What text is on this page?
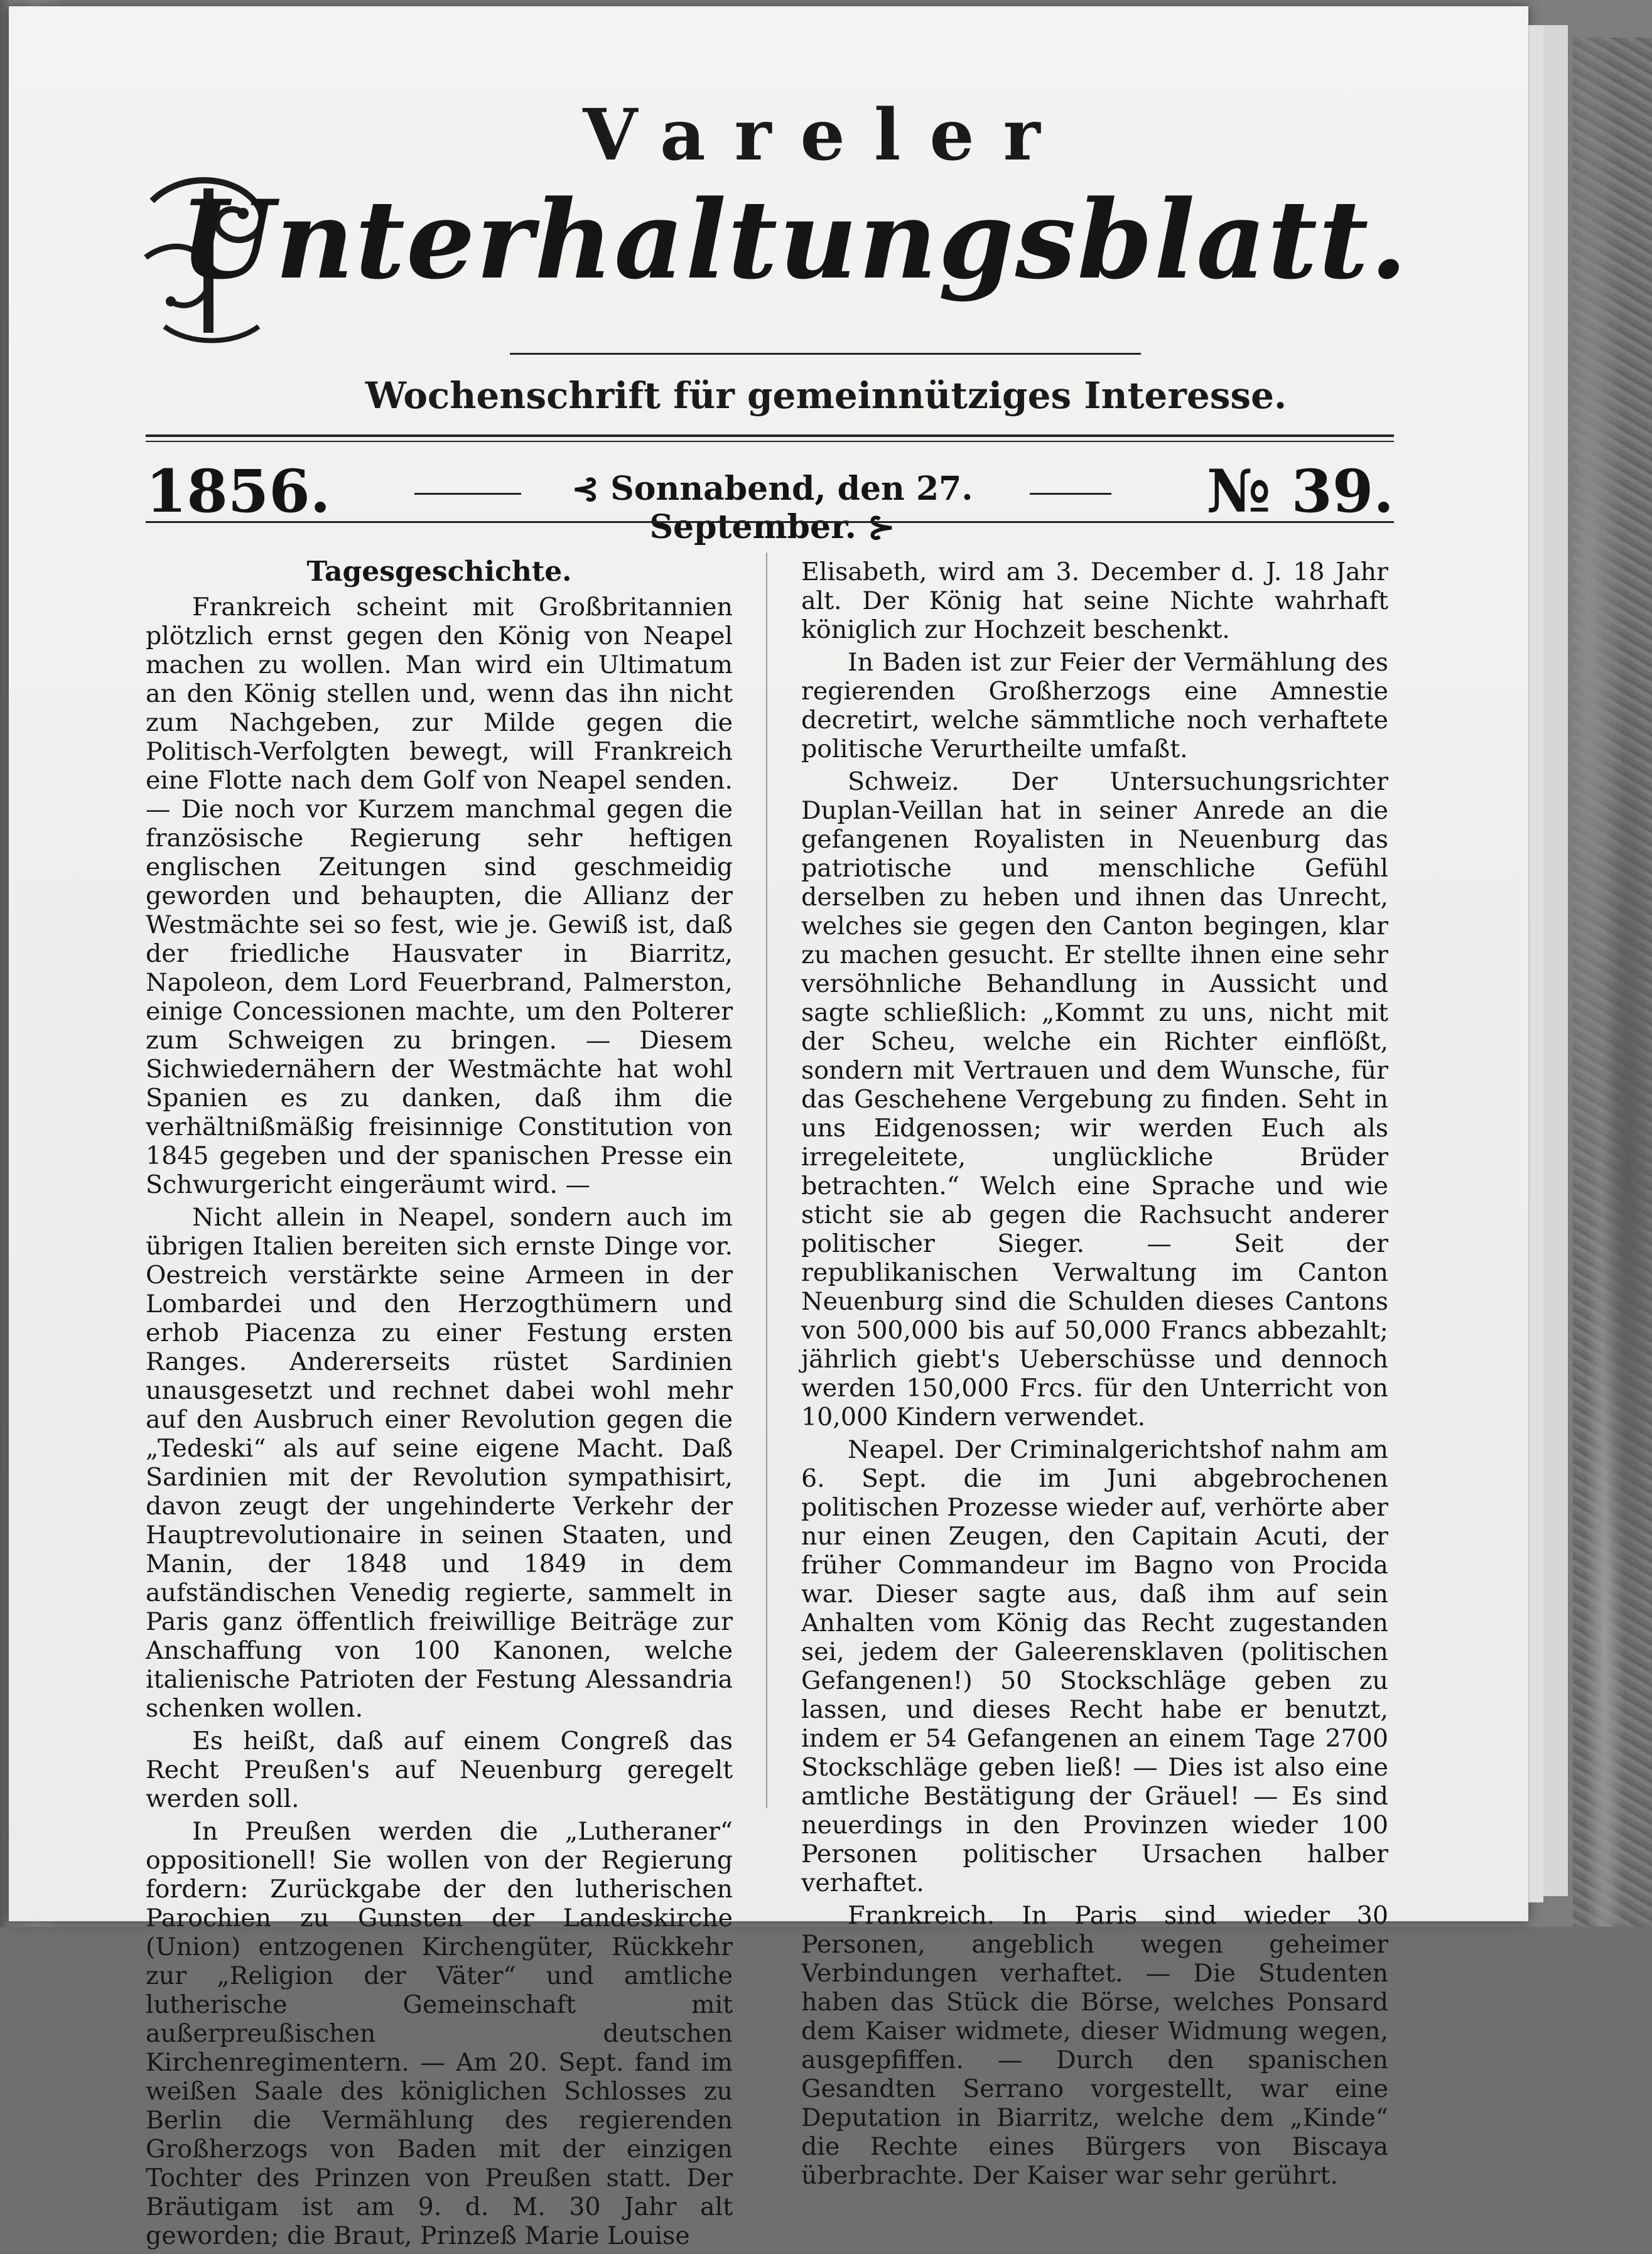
Vareler
Unterhaltungsblatt.
Wochenschrift für gemeinnütziges Interesse.
1856.	⊰ Sonnabend, den 27. September. ⊱
№ 39.
Tagesgeschichte.

Frankreich scheint mit Großbritannien plötzlich ernst gegen den König von Neapel machen zu wollen. Man wird ein Ultimatum an den König stellen und, wenn das ihn nicht zum Nachgeben, zur Milde gegen die Politisch-Verfolgten bewegt, will Frankreich eine Flotte nach dem Golf von Neapel senden. — Die noch vor Kurzem manchmal gegen die französische Regierung sehr heftigen englischen Zeitungen sind geschmeidig geworden und behaupten, die Allianz der Westmächte sei so fest, wie je. Gewiß ist, daß der friedliche Hausvater in Biarritz, Napoleon, dem Lord Feuerbrand, Palmerston, einige Concessionen machte, um den Polterer zum Schweigen zu bringen. — Diesem Sichwiedernähern der Westmächte hat wohl Spanien es zu danken, daß ihm die verhältnißmäßig freisinnige Constitution von 1845 gegeben und der spanischen Presse ein Schwurgericht eingeräumt wird. —

Nicht allein in Neapel, sondern auch im übrigen Italien bereiten sich ernste Dinge vor. Oestreich verstärkte seine Armeen in der Lombardei und den Herzogthümern und erhob Piacenza zu einer Festung ersten Ranges. Andererseits rüstet Sardinien unausgesetzt und rechnet dabei wohl mehr auf den Ausbruch einer Revolution gegen die „Tedeski“ als auf seine eigene Macht. Daß Sardinien mit der Revolution sympathisirt, davon zeugt der ungehinderte Verkehr der Hauptrevolutionaire in seinen Staaten, und Manin, der 1848 und 1849 in dem aufständischen Venedig regierte, sammelt in Paris ganz öffentlich freiwillige Beiträge zur Anschaffung von 100 Kanonen, welche italienische Patrioten der Festung Alessandria schenken wollen.

Es heißt, daß auf einem Congreß das Recht Preußen's auf Neuenburg geregelt werden soll.

In Preußen werden die „Lutheraner“ oppositionell! Sie wollen von der Regierung fordern: Zurückgabe der den lutherischen Parochien zu Gunsten der Landeskirche (Union) entzogenen Kirchengüter, Rückkehr zur „Religion der Väter“ und amtliche lutherische Gemeinschaft mit außerpreußischen deutschen Kirchenregimentern. — Am 20. Sept. fand im weißen Saale des königlichen Schlosses zu Berlin die Vermählung des regierenden Großherzogs von Baden mit der einzigen Tochter des Prinzen von Preußen statt. Der Bräutigam ist am 9. d. M. 30 Jahr alt geworden; die Braut, Prinzeß Marie Louise

Elisabeth, wird am 3. December d. J. 18 Jahr alt. Der König hat seine Nichte wahrhaft königlich zur Hochzeit beschenkt.

In Baden ist zur Feier der Vermählung des regierenden Großherzogs eine Amnestie decretirt, welche sämmtliche noch verhaftete politische Verurtheilte umfaßt.

Schweiz. Der Untersuchungsrichter Duplan-Veillan hat in seiner Anrede an die gefangenen Royalisten in Neuenburg das patriotische und menschliche Gefühl derselben zu heben und ihnen das Unrecht, welches sie gegen den Canton begingen, klar zu machen gesucht. Er stellte ihnen eine sehr versöhnliche Behandlung in Aussicht und sagte schließlich: „Kommt zu uns, nicht mit der Scheu, welche ein Richter einflößt, sondern mit Vertrauen und dem Wunsche, für das Geschehene Vergebung zu finden. Seht in uns Eidgenossen; wir werden Euch als irregeleitete, unglückliche Brüder betrachten.“ Welch eine Sprache und wie sticht sie ab gegen die Rachsucht anderer politischer Sieger. — Seit der republikanischen Verwaltung im Canton Neuenburg sind die Schulden dieses Cantons von 500,000 bis auf 50,000 Francs abbezahlt; jährlich giebt's Ueberschüsse und dennoch werden 150,000 Frcs. für den Unterricht von 10,000 Kindern verwendet.

Neapel. Der Criminalgerichtshof nahm am 6. Sept. die im Juni abgebrochenen politischen Prozesse wieder auf, verhörte aber nur einen Zeugen, den Capitain Acuti, der früher Commandeur im Bagno von Procida war. Dieser sagte aus, daß ihm auf sein Anhalten vom König das Recht zugestanden sei, jedem der Galeerensklaven (politischen Gefangenen!) 50 Stockschläge geben zu lassen, und dieses Recht habe er benutzt, indem er 54 Gefangenen an einem Tage 2700 Stockschläge geben ließ! — Dies ist also eine amtliche Bestätigung der Gräuel! — Es sind neuerdings in den Provinzen wieder 100 Personen politischer Ursachen halber verhaftet.

Frankreich. In Paris sind wieder 30 Personen, angeblich wegen geheimer Verbindungen verhaftet. — Die Studenten haben das Stück die Börse, welches Ponsard dem Kaiser widmete, dieser Widmung wegen, ausgepfiffen. — Durch den spanischen Gesandten Serrano vorgestellt, war eine Deputation in Biarritz, welche dem „Kinde“ die Rechte eines Bürgers von Biscaya überbrachte. Der Kaiser war sehr gerührt.
